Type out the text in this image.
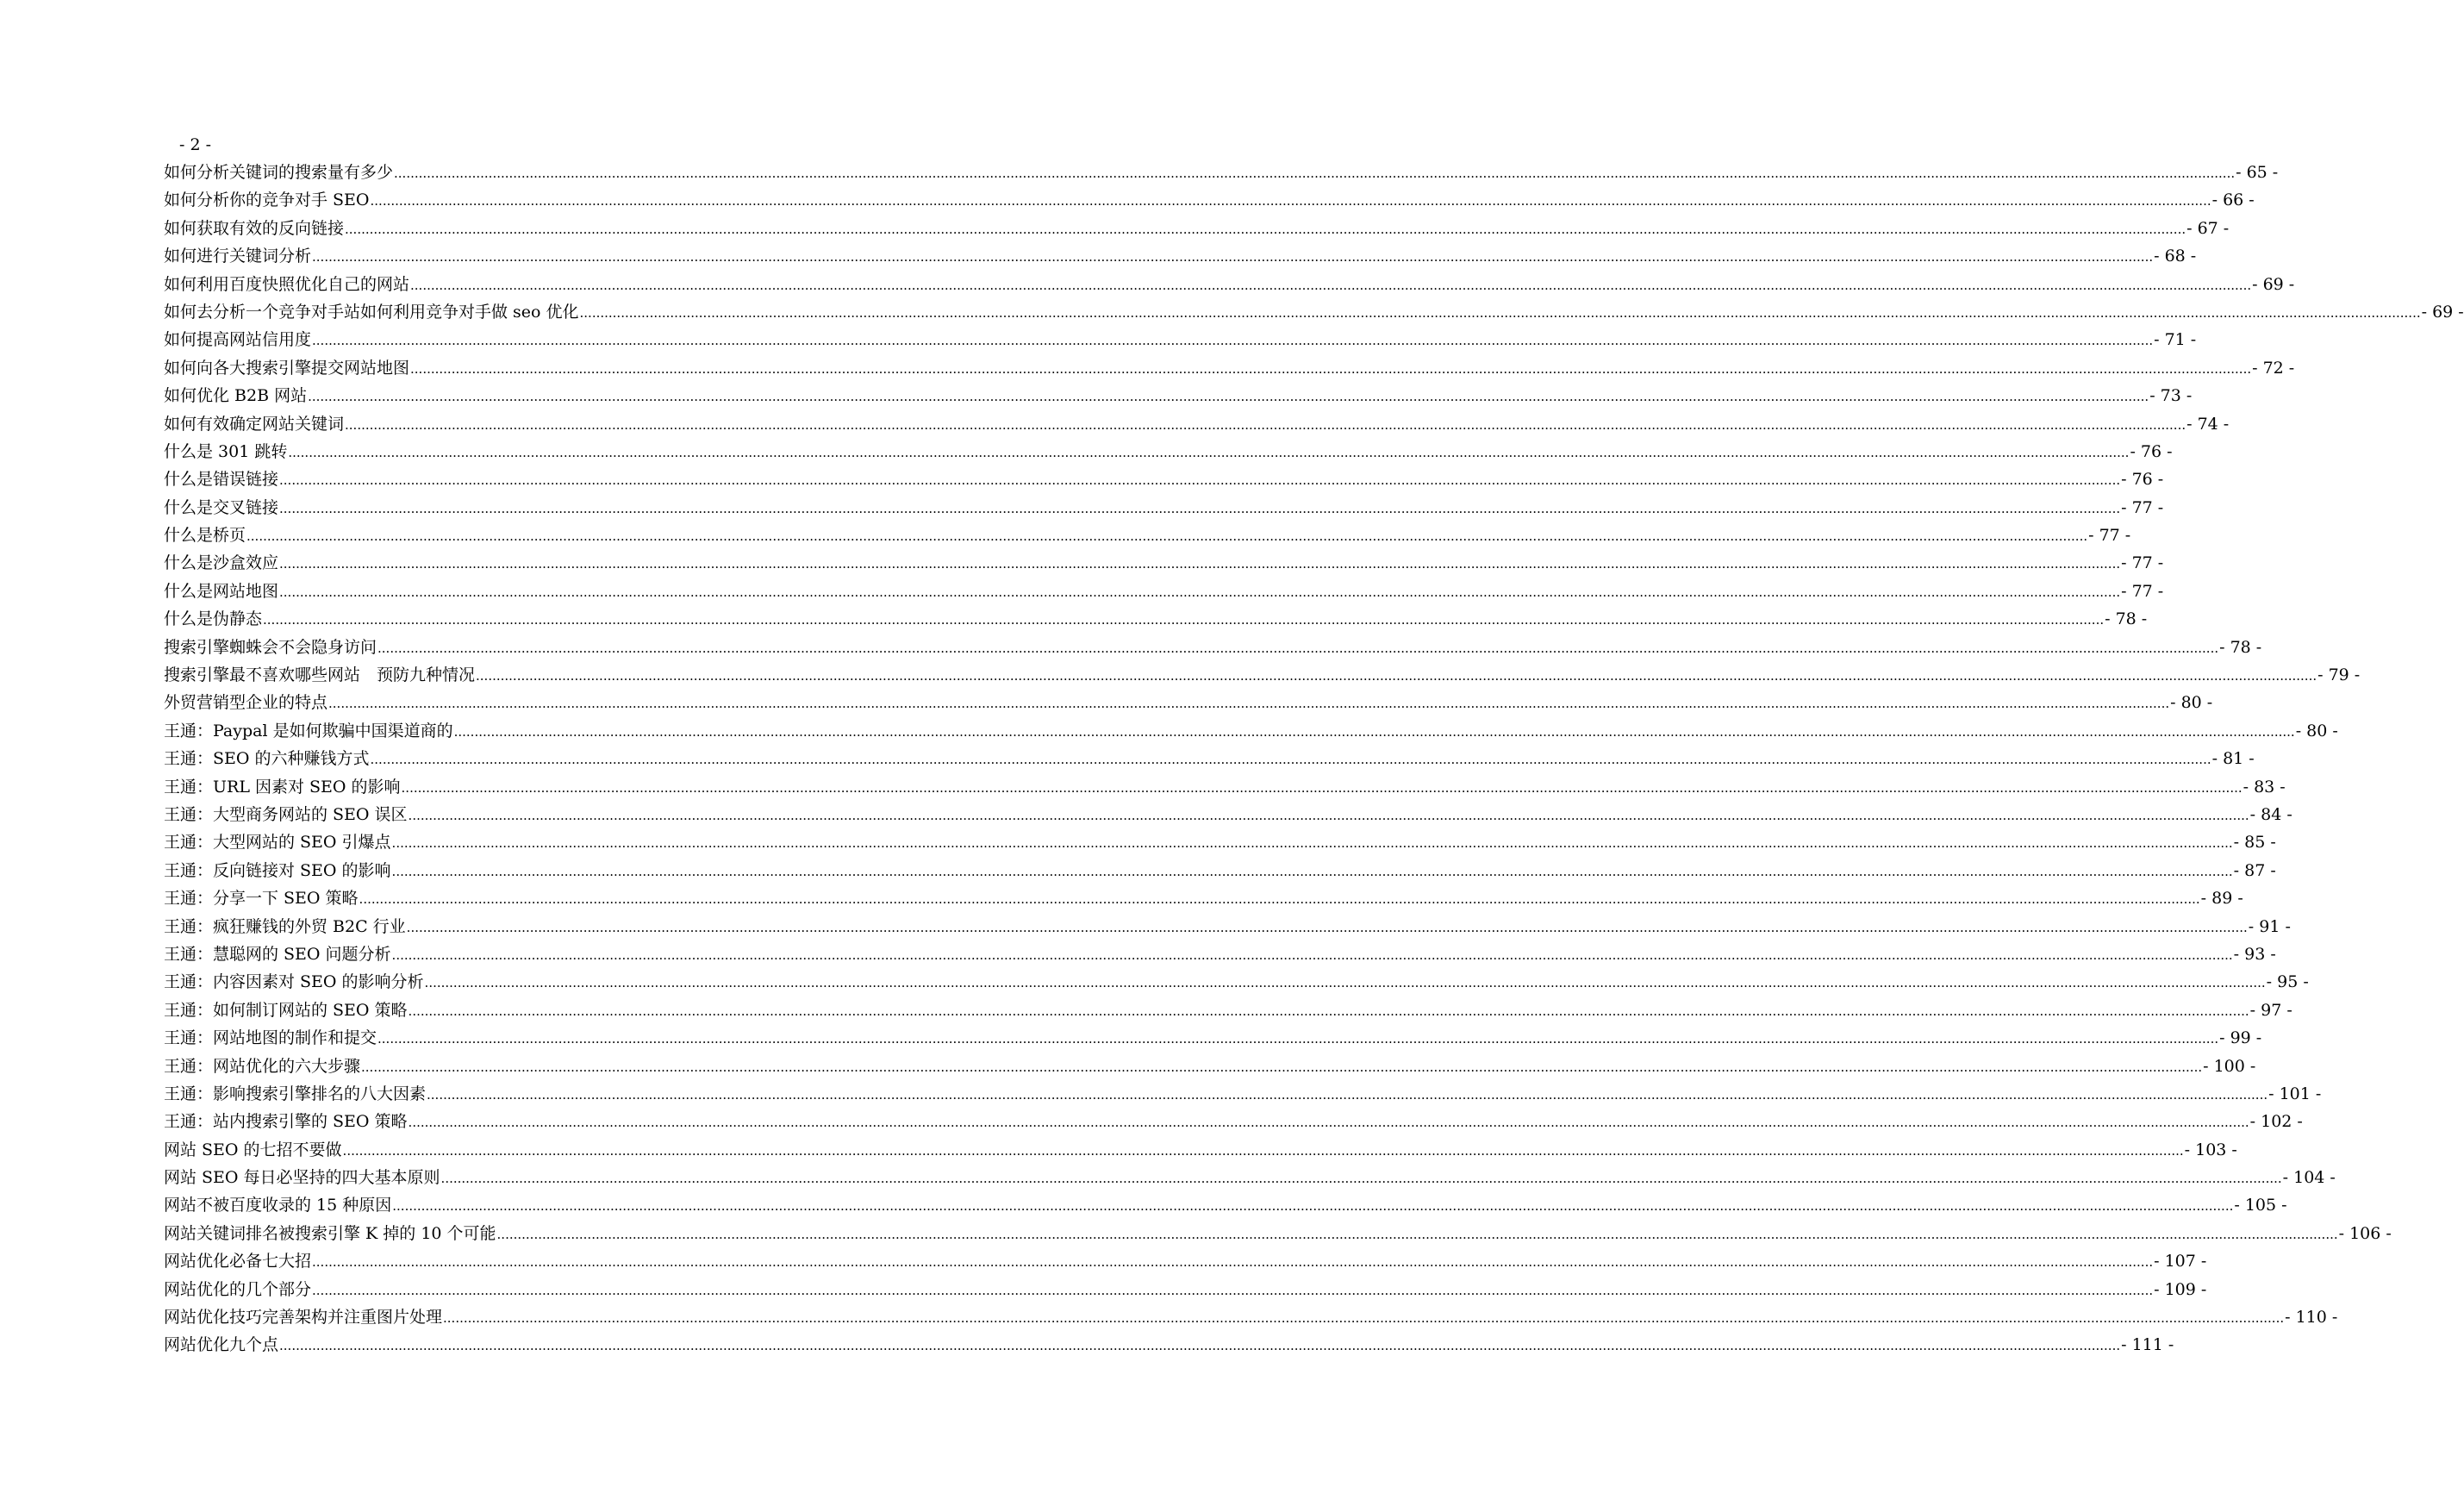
- 2 -
如何分析关键词的搜索量有多少 ................................................................................................................................................................................................................................................................................................................................................................................................................................................................ - 65 -
如何分析你的竞争对手 SEO ................................................................................................................................................................................................................................................................................................................................................................................................................................................................ - 66 -
如何获取有效的反向链接 ................................................................................................................................................................................................................................................................................................................................................................................................................................................................ - 67 -
如何进行关键词分析 ................................................................................................................................................................................................................................................................................................................................................................................................................................................................ - 68 -
如何利用百度快照优化自己的网站 ................................................................................................................................................................................................................................................................................................................................................................................................................................................................ - 69 -
如何去分析一个竞争对手站如何利用竞争对手做 seo 优化 ................................................................................................................................................................................................................................................................................................................................................................................................................................................................ - 69 -
如何提高网站信用度 ................................................................................................................................................................................................................................................................................................................................................................................................................................................................ - 71 -
如何向各大搜索引擎提交网站地图 ................................................................................................................................................................................................................................................................................................................................................................................................................................................................ - 72 -
如何优化 B2B 网站 ................................................................................................................................................................................................................................................................................................................................................................................................................................................................ - 73 -
如何有效确定网站关键词 ................................................................................................................................................................................................................................................................................................................................................................................................................................................................ - 74 -
什么是 301 跳转 ................................................................................................................................................................................................................................................................................................................................................................................................................................................................ - 76 -
什么是错误链接 ................................................................................................................................................................................................................................................................................................................................................................................................................................................................ - 76 -
什么是交叉链接 ................................................................................................................................................................................................................................................................................................................................................................................................................................................................ - 77 -
什么是桥页 ................................................................................................................................................................................................................................................................................................................................................................................................................................................................ - 77 -
什么是沙盒效应 ................................................................................................................................................................................................................................................................................................................................................................................................................................................................ - 77 -
什么是网站地图 ................................................................................................................................................................................................................................................................................................................................................................................................................................................................ - 77 -
什么是伪静态 ................................................................................................................................................................................................................................................................................................................................................................................................................................................................ - 78 -
搜索引擎蜘蛛会不会隐身访问 ................................................................................................................................................................................................................................................................................................................................................................................................................................................................ - 78 -
搜索引擎最不喜欢哪些网站　预防九种情况 ................................................................................................................................................................................................................................................................................................................................................................................................................................................................ - 79 -
外贸营销型企业的特点 ................................................................................................................................................................................................................................................................................................................................................................................................................................................................ - 80 -
王通：Paypal 是如何欺骗中国渠道商的 ................................................................................................................................................................................................................................................................................................................................................................................................................................................................ - 80 -
王通：SEO 的六种赚钱方式 ................................................................................................................................................................................................................................................................................................................................................................................................................................................................ - 81 -
王通：URL 因素对 SEO 的影响 ................................................................................................................................................................................................................................................................................................................................................................................................................................................................ - 83 -
王通：大型商务网站的 SEO 误区 ................................................................................................................................................................................................................................................................................................................................................................................................................................................................ - 84 -
王通：大型网站的 SEO 引爆点 ................................................................................................................................................................................................................................................................................................................................................................................................................................................................ - 85 -
王通：反向链接对 SEO 的影响 ................................................................................................................................................................................................................................................................................................................................................................................................................................................................ - 87 -
王通：分享一下 SEO 策略 ................................................................................................................................................................................................................................................................................................................................................................................................................................................................ - 89 -
王通：疯狂赚钱的外贸 B2C 行业 ................................................................................................................................................................................................................................................................................................................................................................................................................................................................ - 91 -
王通：慧聪网的 SEO 问题分析 ................................................................................................................................................................................................................................................................................................................................................................................................................................................................ - 93 -
王通：内容因素对 SEO 的影响分析 ................................................................................................................................................................................................................................................................................................................................................................................................................................................................ - 95 -
王通：如何制订网站的 SEO 策略 ................................................................................................................................................................................................................................................................................................................................................................................................................................................................ - 97 -
王通：网站地图的制作和提交 ................................................................................................................................................................................................................................................................................................................................................................................................................................................................ - 99 -
王通：网站优化的六大步骤 ................................................................................................................................................................................................................................................................................................................................................................................................................................................................ - 100 -
王通：影响搜索引擎排名的八大因素 ................................................................................................................................................................................................................................................................................................................................................................................................................................................................ - 101 -
王通：站内搜索引擎的 SEO 策略 ................................................................................................................................................................................................................................................................................................................................................................................................................................................................ - 102 -
网站 SEO 的七招不要做 ................................................................................................................................................................................................................................................................................................................................................................................................................................................................ - 103 -
网站 SEO 每日必坚持的四大基本原则 ................................................................................................................................................................................................................................................................................................................................................................................................................................................................ - 104 -
网站不被百度收录的 15 种原因 ................................................................................................................................................................................................................................................................................................................................................................................................................................................................ - 105 -
网站关键词排名被搜索引擎 K 掉的 10 个可能 ................................................................................................................................................................................................................................................................................................................................................................................................................................................................ - 106 -
网站优化必备七大招 ................................................................................................................................................................................................................................................................................................................................................................................................................................................................ - 107 -
网站优化的几个部分 ................................................................................................................................................................................................................................................................................................................................................................................................................................................................ - 109 -
网站优化技巧完善架构并注重图片处理 ................................................................................................................................................................................................................................................................................................................................................................................................................................................................ - 110 -
网站优化九个点 ................................................................................................................................................................................................................................................................................................................................................................................................................................................................ - 111 -
